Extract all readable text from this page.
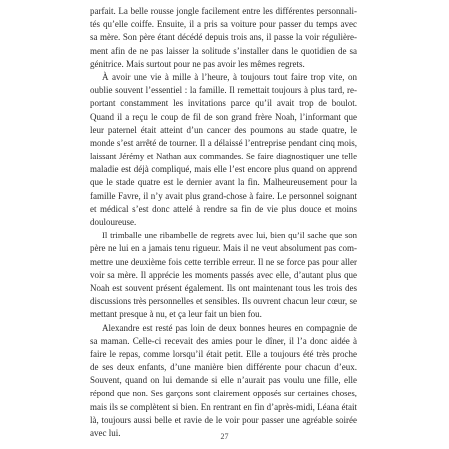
parfait. La belle rousse jongle facilement entre les différentes personnali-
tés qu’elle coiffe. Ensuite, il a pris sa voiture pour passer du temps avec
sa mère. Son père étant décédé depuis trois ans, il passe la voir régulière-
ment afin de ne pas laisser la solitude s’installer dans le quotidien de sa
génitrice. Mais surtout pour ne pas avoir les mêmes regrets.
À avoir une vie à mille à l’heure, à toujours tout faire trop vite, on
oublie souvent l’essentiel : la famille. Il remettait toujours à plus tard, re-
portant constamment les invitations parce qu’il avait trop de boulot.
Quand il a reçu le coup de fil de son grand frère Noah, l’informant que
leur paternel était atteint d’un cancer des poumons au stade quatre, le
monde s’est arrêté de tourner. Il a délaissé l’entreprise pendant cinq mois,
laissant Jérémy et Nathan aux commandes. Se faire diagnostiquer une telle
maladie est déjà compliqué, mais elle l’est encore plus quand on apprend
que le stade quatre est le dernier avant la fin. Malheureusement pour la
famille Favre, il n’y avait plus grand-chose à faire. Le personnel soignant
et médical s’est donc attelé à rendre sa fin de vie plus douce et moins
douloureuse.
Il trimballe une ribambelle de regrets avec lui, bien qu’il sache que son
père ne lui en a jamais tenu rigueur. Mais il ne veut absolument pas com-
mettre une deuxième fois cette terrible erreur. Il ne se force pas pour aller
voir sa mère. Il apprécie les moments passés avec elle, d’autant plus que
Noah est souvent présent également. Ils ont maintenant tous les trois des
discussions très personnelles et sensibles. Ils ouvrent chacun leur cœur, se
mettant presque à nu, et ça leur fait un bien fou.
Alexandre est resté pas loin de deux bonnes heures en compagnie de
sa maman. Celle-ci recevait des amies pour le dîner, il l’a donc aidée à
faire le repas, comme lorsqu’il était petit. Elle a toujours été très proche
de ses deux enfants, d’une manière bien différente pour chacun d’eux.
Souvent, quand on lui demande si elle n’aurait pas voulu une fille, elle
répond que non. Ses garçons sont clairement opposés sur certaines choses,
mais ils se complètent si bien. En rentrant en fin d’après-midi, Léana était
là, toujours aussi belle et ravie de le voir pour passer une agréable soirée
avec lui.	27
